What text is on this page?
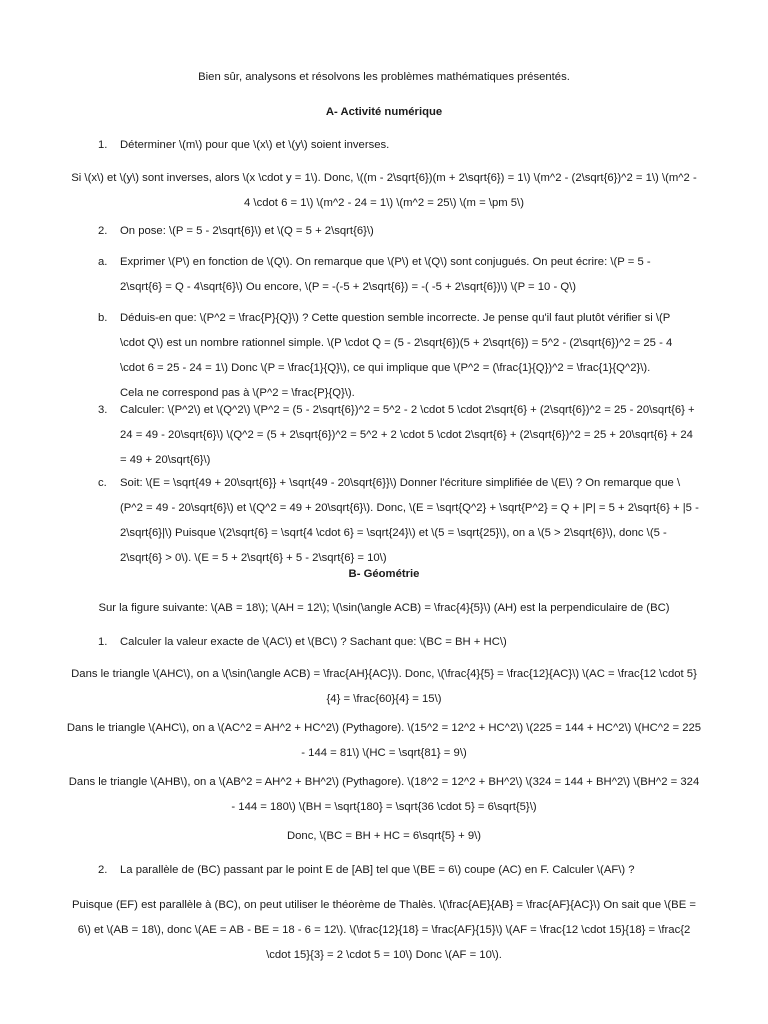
Bien sûr, analysons et résolvons les problèmes mathématiques présentés.

A- Activité numérique

1.	Déterminer \(m\) pour que \(x\) et \(y\) soient inverses.

Si \(x\) et \(y\) sont inverses, alors \(x \cdot y = 1\). Donc, \((m - 2\sqrt{6})(m + 2\sqrt{6}) = 1\) \(m^2 - (2\sqrt{6})^2 = 1\) \(m^2 - 4 \cdot 6 = 1\) \(m^2 - 24 = 1\) \(m^2 = 25\) \(m = \pm 5\)

2.	On pose: \(P = 5 - 2\sqrt{6}\) et \(Q = 5 + 2\sqrt{6}\)
a.	Exprimer \(P\) en fonction de \(Q\). On remarque que \(P\) et \(Q\) sont conjugués. On peut écrire: \(P = 5 - 2\sqrt{6} = Q - 4\sqrt{6}\) Ou encore, \(P = -(-5 + 2\sqrt{6}) = -( -5 + 2\sqrt{6})\) \(P = 10 - Q\)
b.	Déduis-en que: \(P^2 = \frac{P}{Q}\) ? Cette question semble incorrecte. Je pense qu'il faut plutôt vérifier si \(P \cdot Q\) est un nombre rationnel simple. \(P \cdot Q = (5 - 2\sqrt{6})(5 + 2\sqrt{6}) = 5^2 - (2\sqrt{6})^2 = 25 - 4 \cdot 6 = 25 - 24 = 1\) Donc \(P = \frac{1}{Q}\), ce qui implique que \(P^2 = (\frac{1}{Q})^2 = \frac{1}{Q^2}\). Cela ne correspond pas à \(P^2 = \frac{P}{Q}\).
3.	Calculer: \(P^2\) et \(Q^2\) \(P^2 = (5 - 2\sqrt{6})^2 = 5^2 - 2 \cdot 5 \cdot 2\sqrt{6} + (2\sqrt{6})^2 = 25 - 20\sqrt{6} + 24 = 49 - 20\sqrt{6}\) \(Q^2 = (5 + 2\sqrt{6})^2 = 5^2 + 2 \cdot 5 \cdot 2\sqrt{6} + (2\sqrt{6})^2 = 25 + 20\sqrt{6} + 24 = 49 + 20\sqrt{6}\)
c.	Soit: \(E = \sqrt{49 + 20\sqrt{6}} + \sqrt{49 - 20\sqrt{6}}\) Donner l'écriture simplifiée de \(E\) ? On remarque que \(P^2 = 49 - 20\sqrt{6}\) et \(Q^2 = 49 + 20\sqrt{6}\). Donc, \(E = \sqrt{Q^2} + \sqrt{P^2} = Q + |P| = 5 + 2\sqrt{6} + |5 - 2\sqrt{6}|\) Puisque \(2\sqrt{6} = \sqrt{4 \cdot 6} = \sqrt{24}\) et \(5 = \sqrt{25}\), on a \(5 > 2\sqrt{6}\), donc \(5 - 2\sqrt{6} > 0\). \(E = 5 + 2\sqrt{6} + 5 - 2\sqrt{6} = 10\)

B- Géométrie

Sur la figure suivante: \(AB = 18\); \(AH = 12\); \(\sin(\angle ACB) = \frac{4}{5}\) (AH) est la perpendiculaire de (BC)

1.	Calculer la valeur exacte de \(AC\) et \(BC\) ? Sachant que: \(BC = BH + HC\)

Dans le triangle \(AHC\), on a \(\sin(\angle ACB) = \frac{AH}{AC}\). Donc, \(\frac{4}{5} = \frac{12}{AC}\) \(AC = \frac{12 \cdot 5}{4} = \frac{60}{4} = 15\)

Dans le triangle \(AHC\), on a \(AC^2 = AH^2 + HC^2\) (Pythagore). \(15^2 = 12^2 + HC^2\) \(225 = 144 + HC^2\) \(HC^2 = 225 - 144 = 81\) \(HC = \sqrt{81} = 9\)

Dans le triangle \(AHB\), on a \(AB^2 = AH^2 + BH^2\) (Pythagore). \(18^2 = 12^2 + BH^2\) \(324 = 144 + BH^2\) \(BH^2 = 324 - 144 = 180\) \(BH = \sqrt{180} = \sqrt{36 \cdot 5} = 6\sqrt{5}\)

Donc, \(BC = BH + HC = 6\sqrt{5} + 9\)

2.	La parallèle de (BC) passant par le point E de [AB] tel que \(BE = 6\) coupe (AC) en F. Calculer \(AF\) ?

Puisque (EF) est parallèle à (BC), on peut utiliser le théorème de Thalès. \(\frac{AE}{AB} = \frac{AF}{AC}\) On sait que \(BE = 6\) et \(AB = 18\), donc \(AE = AB - BE = 18 - 6 = 12\). \(\frac{12}{18} = \frac{AF}{15}\) \(AF = \frac{12 \cdot 15}{18} = \frac{2 \cdot 15}{3} = 2 \cdot 5 = 10\) Donc \(AF = 10\).
